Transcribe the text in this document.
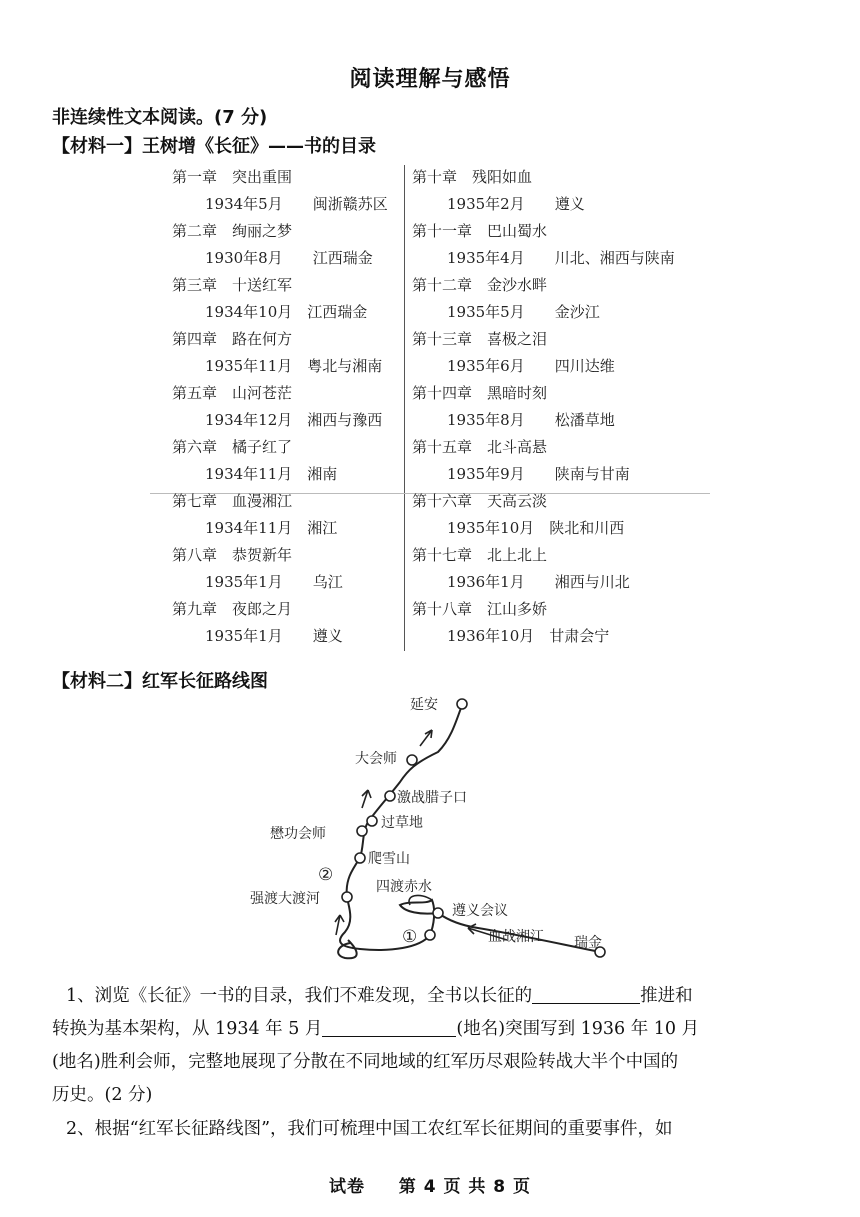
阅读理解与感悟
非连续性文本阅读。(7 分)
【材料一】王树增《长征》——书的目录
第一章　突出重围
1934年5月　　闽浙赣苏区
第二章　绚丽之梦
1930年8月　　江西瑞金
第三章　十送红军
1934年10月　江西瑞金
第四章　路在何方
1935年11月　粤北与湘南
第五章　山河苍茫
1934年12月　湘西与豫西
第六章　橘子红了
1934年11月　湘南
第七章　血漫湘江
1934年11月　湘江
第八章　恭贺新年
1935年1月　　乌江
第九章　夜郎之月
1935年1月　　遵义
第十章　残阳如血
1935年2月　　遵义
第十一章　巴山蜀水
1935年4月　　川北、湘西与陕南
第十二章　金沙水畔
1935年5月　　金沙江
第十三章　喜极之泪
1935年6月　　四川达维
第十四章　黑暗时刻
1935年8月　　松潘草地
第十五章　北斗高悬
1935年9月　　陕南与甘南
第十六章　天高云淡
1935年10月　陕北和川西
第十七章　北上北上
1936年1月　　湘西与川北
第十八章　江山多娇
1936年10月　甘肃会宁
【材料二】红军长征路线图
延安
大会师
激战腊子口
过草地
懋功会师
爬雪山
②
强渡大渡河
四渡赤水
遵义会议
①	血战湘江 瑞金
1、浏览《长征》一书的目录，我们不难发现，全书以长征的	推进和
转换为基本架构，从 1934 年 5 月	(地名)突围写到 1936 年 10 月
(地名)胜利会师，完整地展现了分散在不同地域的红军历尽艰险转战大半个中国的
历史。(2 分)
2、根据“红军长征路线图”，我们可梳理中国工农红军长征期间的重要事件，如
试卷 第 4 页 共 8 页
